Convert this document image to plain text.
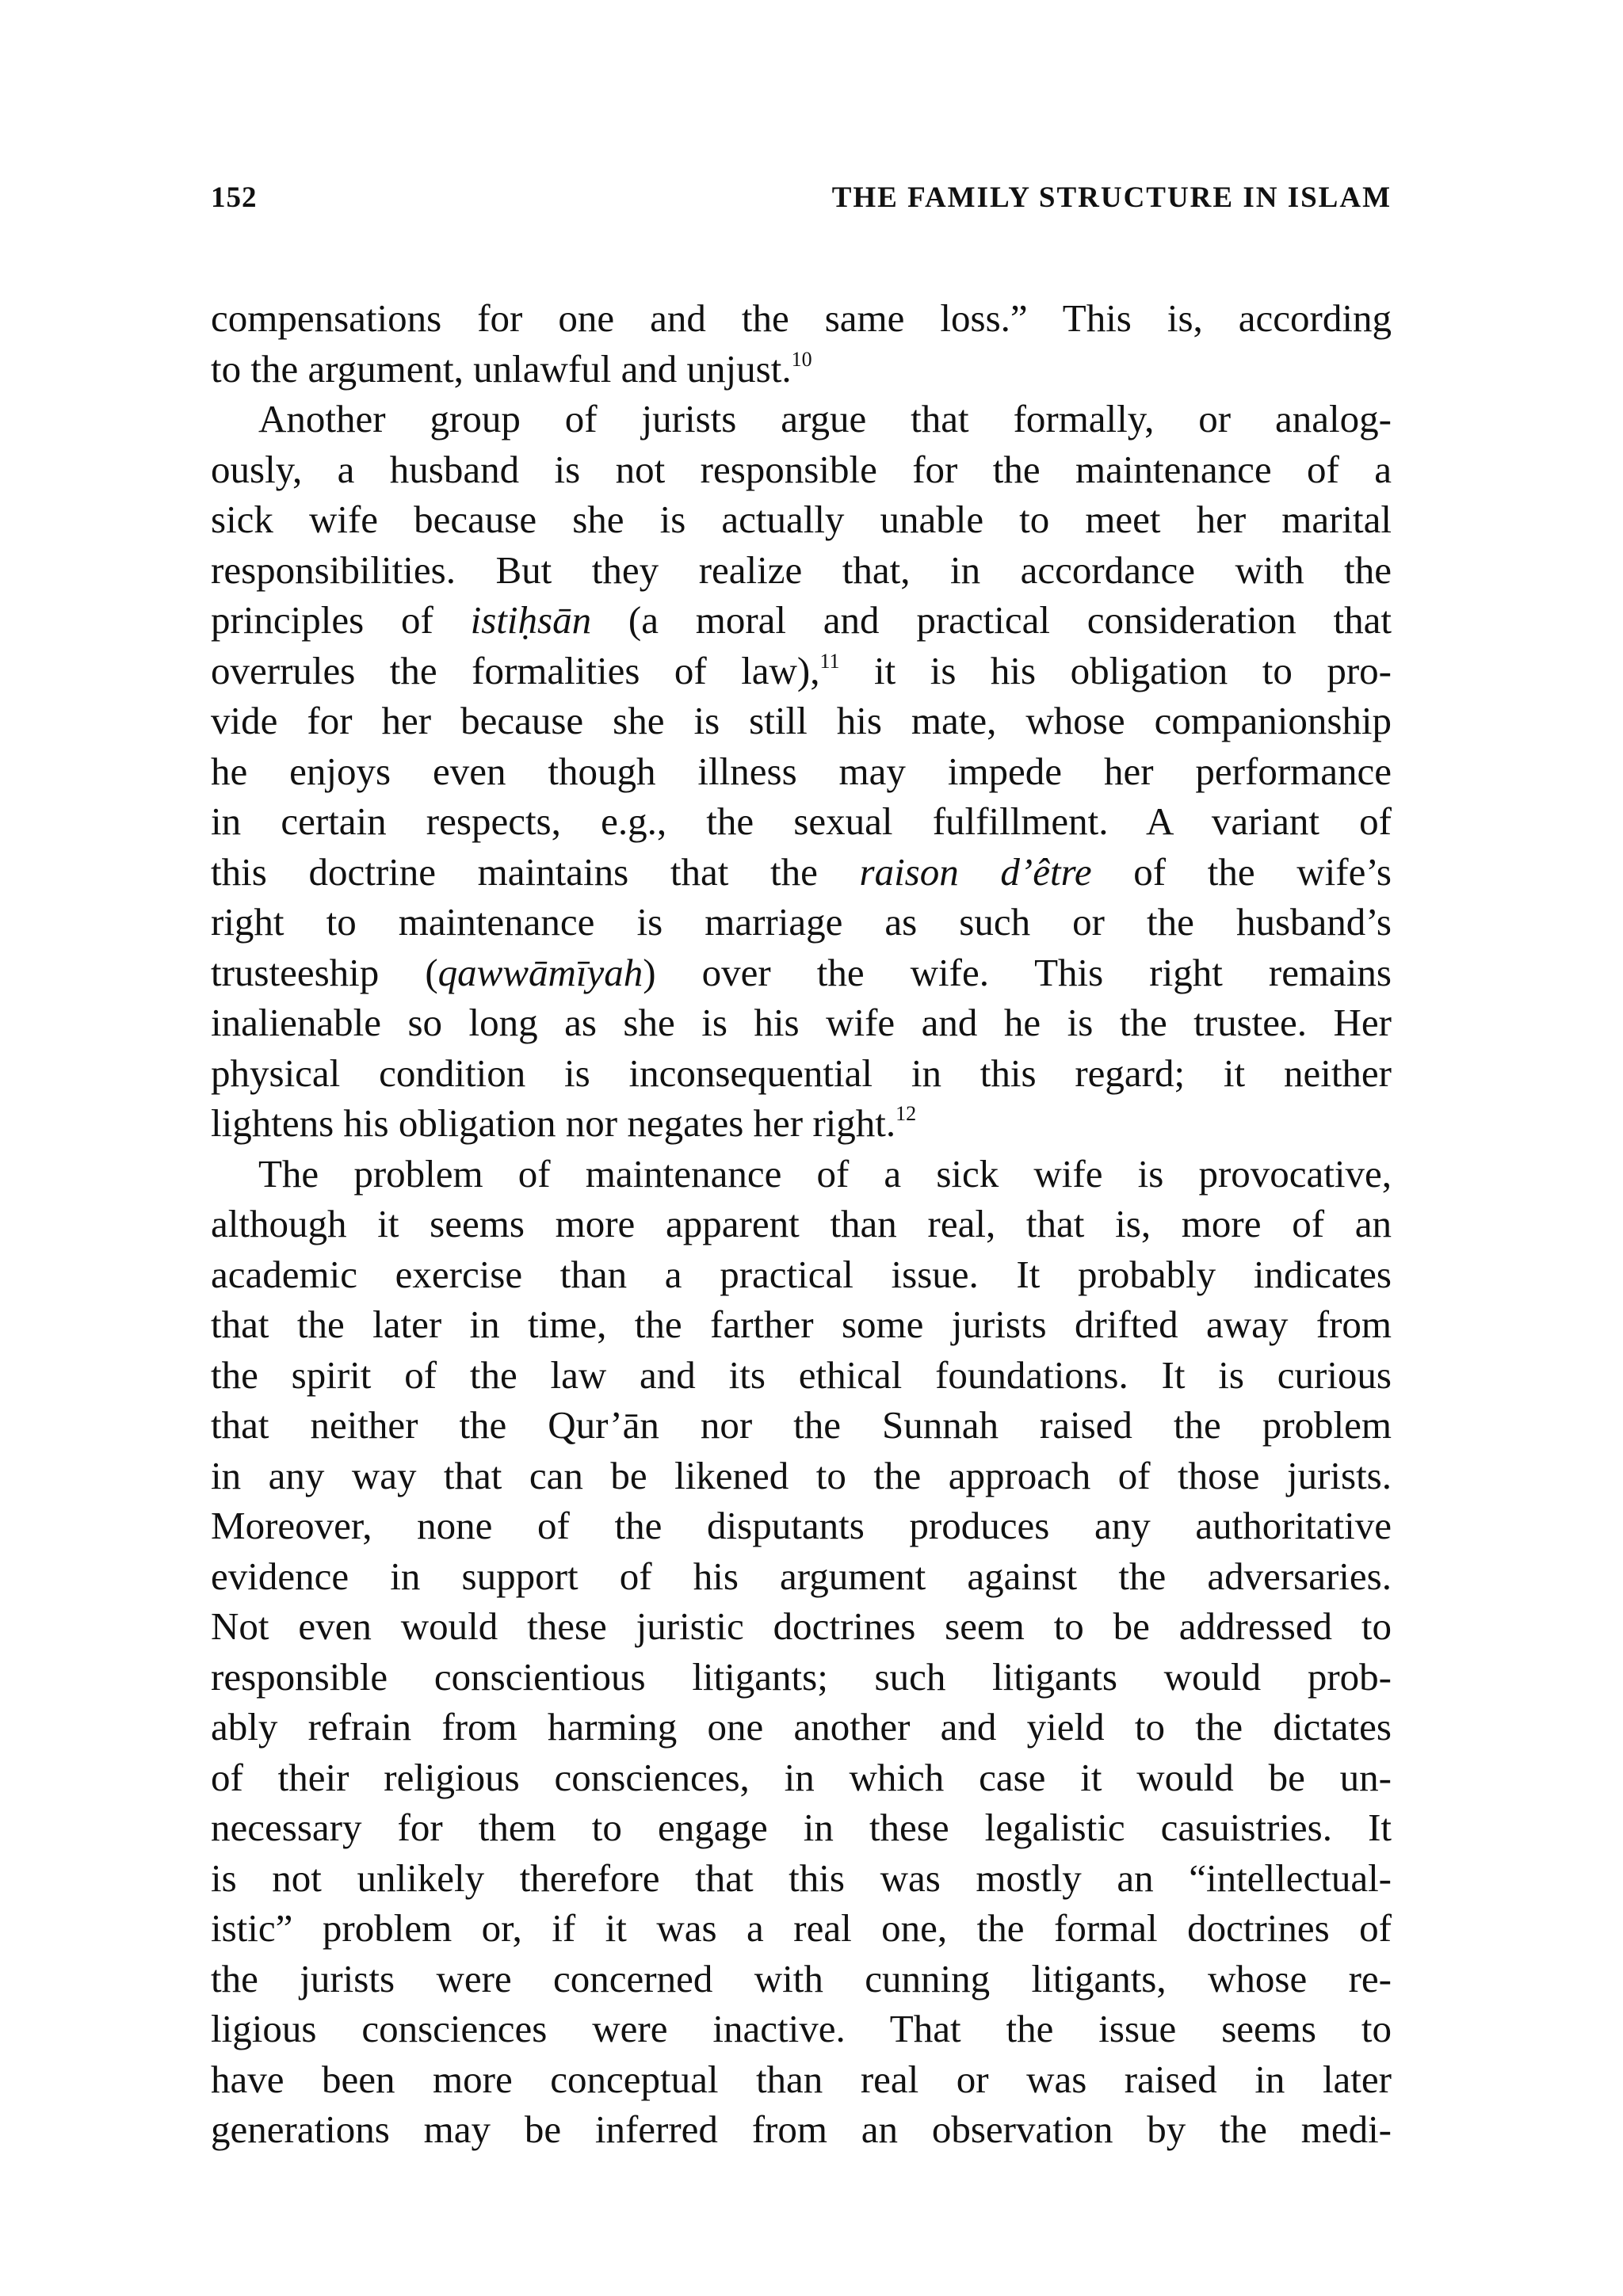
152	THE FAMILY STRUCTURE IN ISLAM

compensations for one and the same loss.” This is, according
to the argument, unlawful and unjust.$^{10}$

Another group of jurists argue that formally, or analog-
ously, a husband is not responsible for the maintenance of a
sick wife because she is actually unable to meet her marital
responsibilities. But they realize that, in accordance with the
principles of istiḥsān (a moral and practical consideration that
overrules the formalities of law),$^{11}$ it is his obligation to pro-
vide for her because she is still his mate, whose companionship
he enjoys even though illness may impede her performance
in certain respects, e.g., the sexual fulfillment. A variant of
this doctrine maintains that the raison d’être of the wife’s
right to maintenance is marriage as such or the husband’s
trusteeship (qawwāmīyah) over the wife. This right remains
inalienable so long as she is his wife and he is the trustee. Her
physical condition is inconsequential in this regard; it neither
lightens his obligation nor negates her right.$^{12}$

The problem of maintenance of a sick wife is provocative,
although it seems more apparent than real, that is, more of an
academic exercise than a practical issue. It probably indicates
that the later in time, the farther some jurists drifted away from
the spirit of the law and its ethical foundations. It is curious
that neither the Qur’ān nor the Sunnah raised the problem
in any way that can be likened to the approach of those jurists.
Moreover, none of the disputants produces any authoritative
evidence in support of his argument against the adversaries.
Not even would these juristic doctrines seem to be addressed to
responsible conscientious litigants; such litigants would prob-
ably refrain from harming one another and yield to the dictates
of their religious consciences, in which case it would be un-
necessary for them to engage in these legalistic casuistries. It
is not unlikely therefore that this was mostly an “intellectual-
istic” problem or, if it was a real one, the formal doctrines of
the jurists were concerned with cunning litigants, whose re-
ligious consciences were inactive. That the issue seems to
have been more conceptual than real or was raised in later
generations may be inferred from an observation by the medi-
